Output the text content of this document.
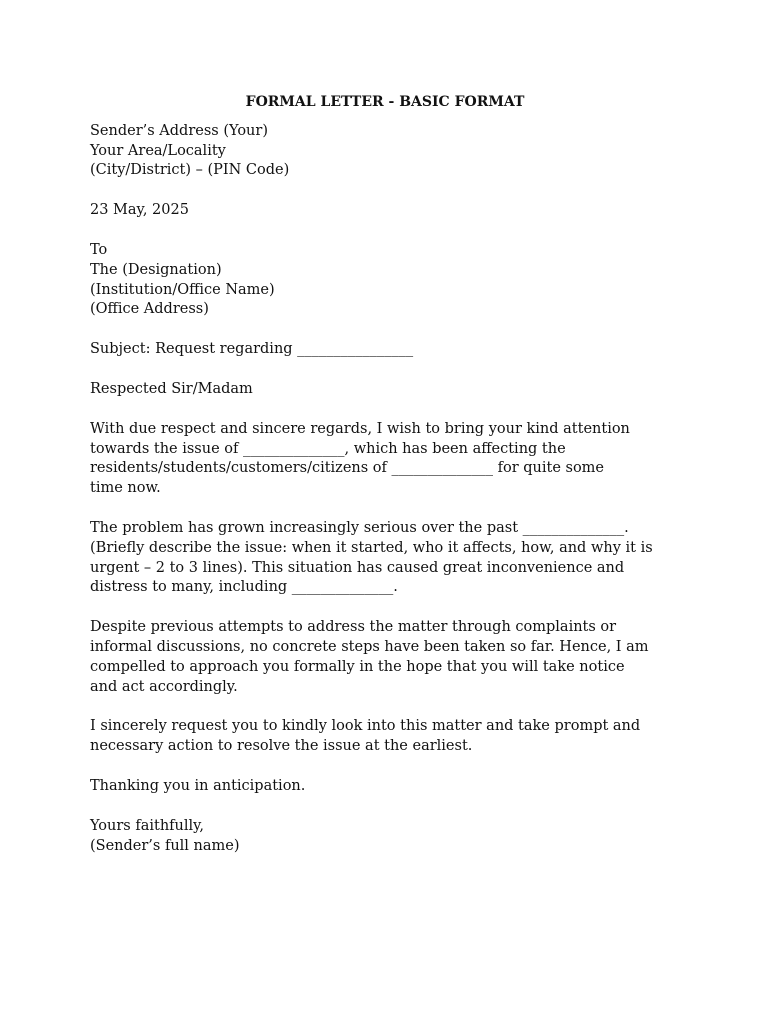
FORMAL LETTER - BASIC FORMAT
Sender’s Address (Your)
Your Area/Locality
(City/District) – (PIN Code)

23 May, 2025

To
The (Designation)
(Institution/Office Name)
(Office Address)

Subject: Request regarding ________________

Respected Sir/Madam

With due respect and sincere regards, I wish to bring your kind attention
towards the issue of ______________, which has been affecting the
residents/students/customers/citizens of ______________ for quite some
time now.
The problem has grown increasingly serious over the past ______________.
(Briefly describe the issue: when it started, who it affects, how, and why it is
urgent – 2 to 3 lines). This situation has caused great inconvenience and
distress to many, including ______________.
Despite previous attempts to address the matter through complaints or
informal discussions, no concrete steps have been taken so far. Hence, I am
compelled to approach you formally in the hope that you will take notice
and act accordingly.
I sincerely request you to kindly look into this matter and take prompt and
necessary action to resolve the issue at the earliest.

Thanking you in anticipation.

Yours faithfully,
(Sender’s full name)
